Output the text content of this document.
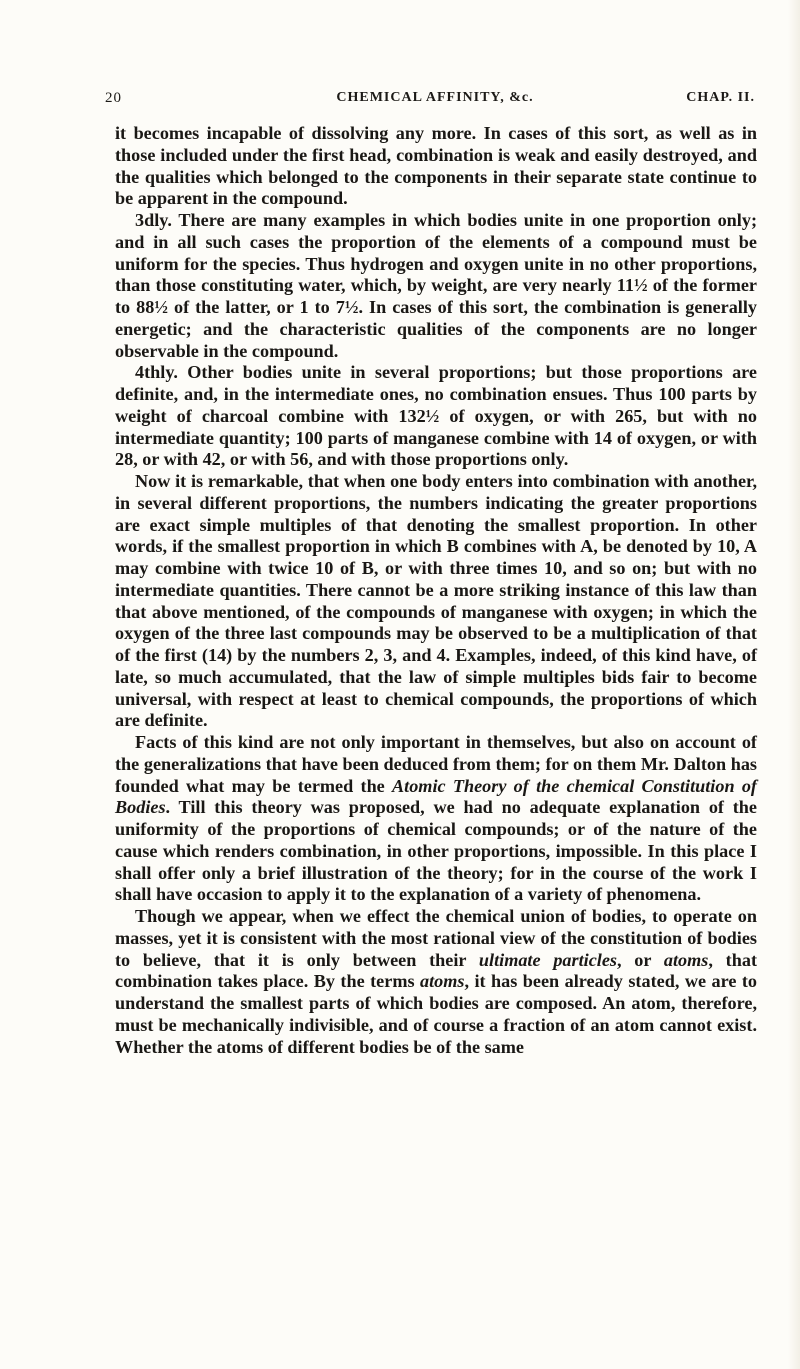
20	CHEMICAL AFFINITY, &c.	CHAP. II.

it becomes incapable of dissolving any more. In cases of this sort, as well as in those included under the first head, combination is weak and easily destroyed, and the qualities which belonged to the components in their separate state continue to be apparent in the compound.

3dly. There are many examples in which bodies unite in one proportion only; and in all such cases the proportion of the elements of a compound must be uniform for the species. Thus hydrogen and oxygen unite in no other proportions, than those constituting water, which, by weight, are very nearly 11½ of the former to 88½ of the latter, or 1 to 7½. In cases of this sort, the combination is generally energetic; and the characteristic qualities of the components are no longer observable in the compound.

4thly. Other bodies unite in several proportions; but those proportions are definite, and, in the intermediate ones, no combination ensues. Thus 100 parts by weight of charcoal combine with 132½ of oxygen, or with 265, but with no intermediate quantity; 100 parts of manganese combine with 14 of oxygen, or with 28, or with 42, or with 56, and with those proportions only.

Now it is remarkable, that when one body enters into combination with another, in several different proportions, the numbers indicating the greater proportions are exact simple multiples of that denoting the smallest proportion. In other words, if the smallest proportion in which B combines with A, be denoted by 10, A may combine with twice 10 of B, or with three times 10, and so on; but with no intermediate quantities. There cannot be a more striking instance of this law than that above mentioned, of the compounds of manganese with oxygen; in which the oxygen of the three last compounds may be observed to be a multiplication of that of the first (14) by the numbers 2, 3, and 4. Examples, indeed, of this kind have, of late, so much accumulated, that the law of simple multiples bids fair to become universal, with respect at least to chemical compounds, the proportions of which are definite.

Facts of this kind are not only important in themselves, but also on account of the generalizations that have been deduced from them; for on them Mr. Dalton has founded what may be termed the Atomic Theory of the chemical Constitution of Bodies. Till this theory was proposed, we had no adequate explanation of the uniformity of the proportions of chemical compounds; or of the nature of the cause which renders combination, in other proportions, impossible. In this place I shall offer only a brief illustration of the theory; for in the course of the work I shall have occasion to apply it to the explanation of a variety of phenomena.

Though we appear, when we effect the chemical union of bodies, to operate on masses, yet it is consistent with the most rational view of the constitution of bodies to believe, that it is only between their ultimate particles, or atoms, that combination takes place. By the terms atoms, it has been already stated, we are to understand the smallest parts of which bodies are composed. An atom, therefore, must be mechanically indivisible, and of course a fraction of an atom cannot exist. Whether the atoms of different bodies be of the same
